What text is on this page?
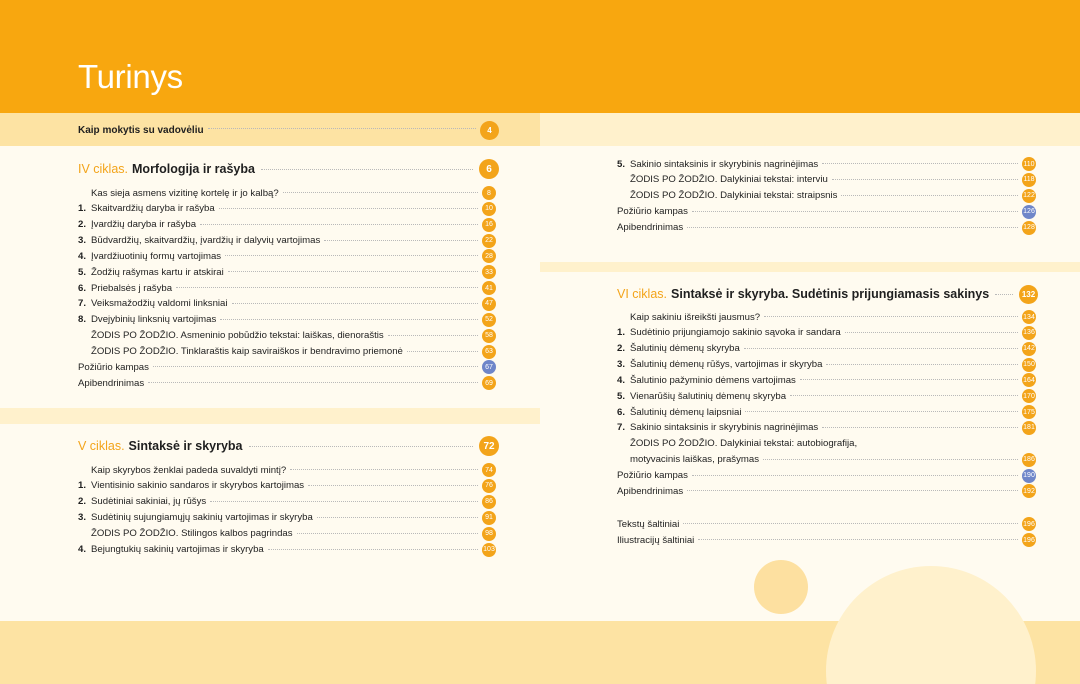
Turinys
Kaip mokytis su vadovėliu	4
IV ciklas. Morfologija ir rašyba	6
V ciklas. Sintaksė ir skyryba	72
VI ciklas. Sintaksė ir skyryba. Sudėtinis prijungiamasis sakinys	132
Kas sieja asmens vizitinę kortelę ir jo kalbą?	8
1. Skaitvardžių daryba ir rašyba	10
2. Įvardžių daryba ir rašyba	16
3. Būdvardžių, skaitvardžių, įvardžių ir dalyvių vartojimas	22
4. Įvardžiuotinių formų vartojimas	28
5. Žodžių rašymas kartu ir atskirai	33
6. Priebalsės j rašyba	41
7. Veiksmažodžių valdomi linksniai	47
8. Dvejybinių linksnių vartojimas	52
ŽODIS PO ŽODŽIO. Asmeninio pobūdžio tekstai: laiškas, dienoraštis	58
ŽODIS PO ŽODŽIO. Tinklaraštis kaip saviraiškos ir bendravimo priemonė	63
Požiūrio kampas	67
Apibendrinimas	69
Kaip skyrybos ženklai padeda suvaldyti mintį?	74
1. Vientisinio sakinio sandaros ir skyrybos kartojimas	76
2. Sudėtiniai sakiniai, jų rūšys	86
3. Sudėtinių sujungiamųjų sakinių vartojimas ir skyryba	91
ŽODIS PO ŽODŽIO. Stilingos kalbos pagrindas	98
4. Bejungtukių sakinių vartojimas ir skyryba	103
5. Sakinio sintaksinis ir skyrybinis nagrinėjimas	110
ŽODIS PO ŽODŽIO. Dalykiniai tekstai: interviu	118
ŽODIS PO ŽODŽIO. Dalykiniai tekstai: straipsnis	122
Požiūrio kampas	126
Apibendrinimas	128
Kaip sakiniu išreikšti jausmus?	134
1. Sudėtinio prijungiamojo sakinio sąvoka ir sandara	136
2. Šalutinių dėmenų skyryba	142
3. Šalutinių dėmenų rūšys, vartojimas ir skyryba	150
4. Šalutinio pažyminio dėmens vartojimas	164
5. Vienarūšių šalutinių dėmenų skyryba	170
6. Šalutinių dėmenų laipsniai	175
7. Sakinio sintaksinis ir skyrybinis nagrinėjimas	181
ŽODIS PO ŽODŽIO. Dalykiniai tekstai: autobiografija,
motyvacinis laiškas, prašymas	186
Požiūrio kampas	190
Apibendrinimas	192
Tekstų šaltiniai	196
Iliustracijų šaltiniai	196
